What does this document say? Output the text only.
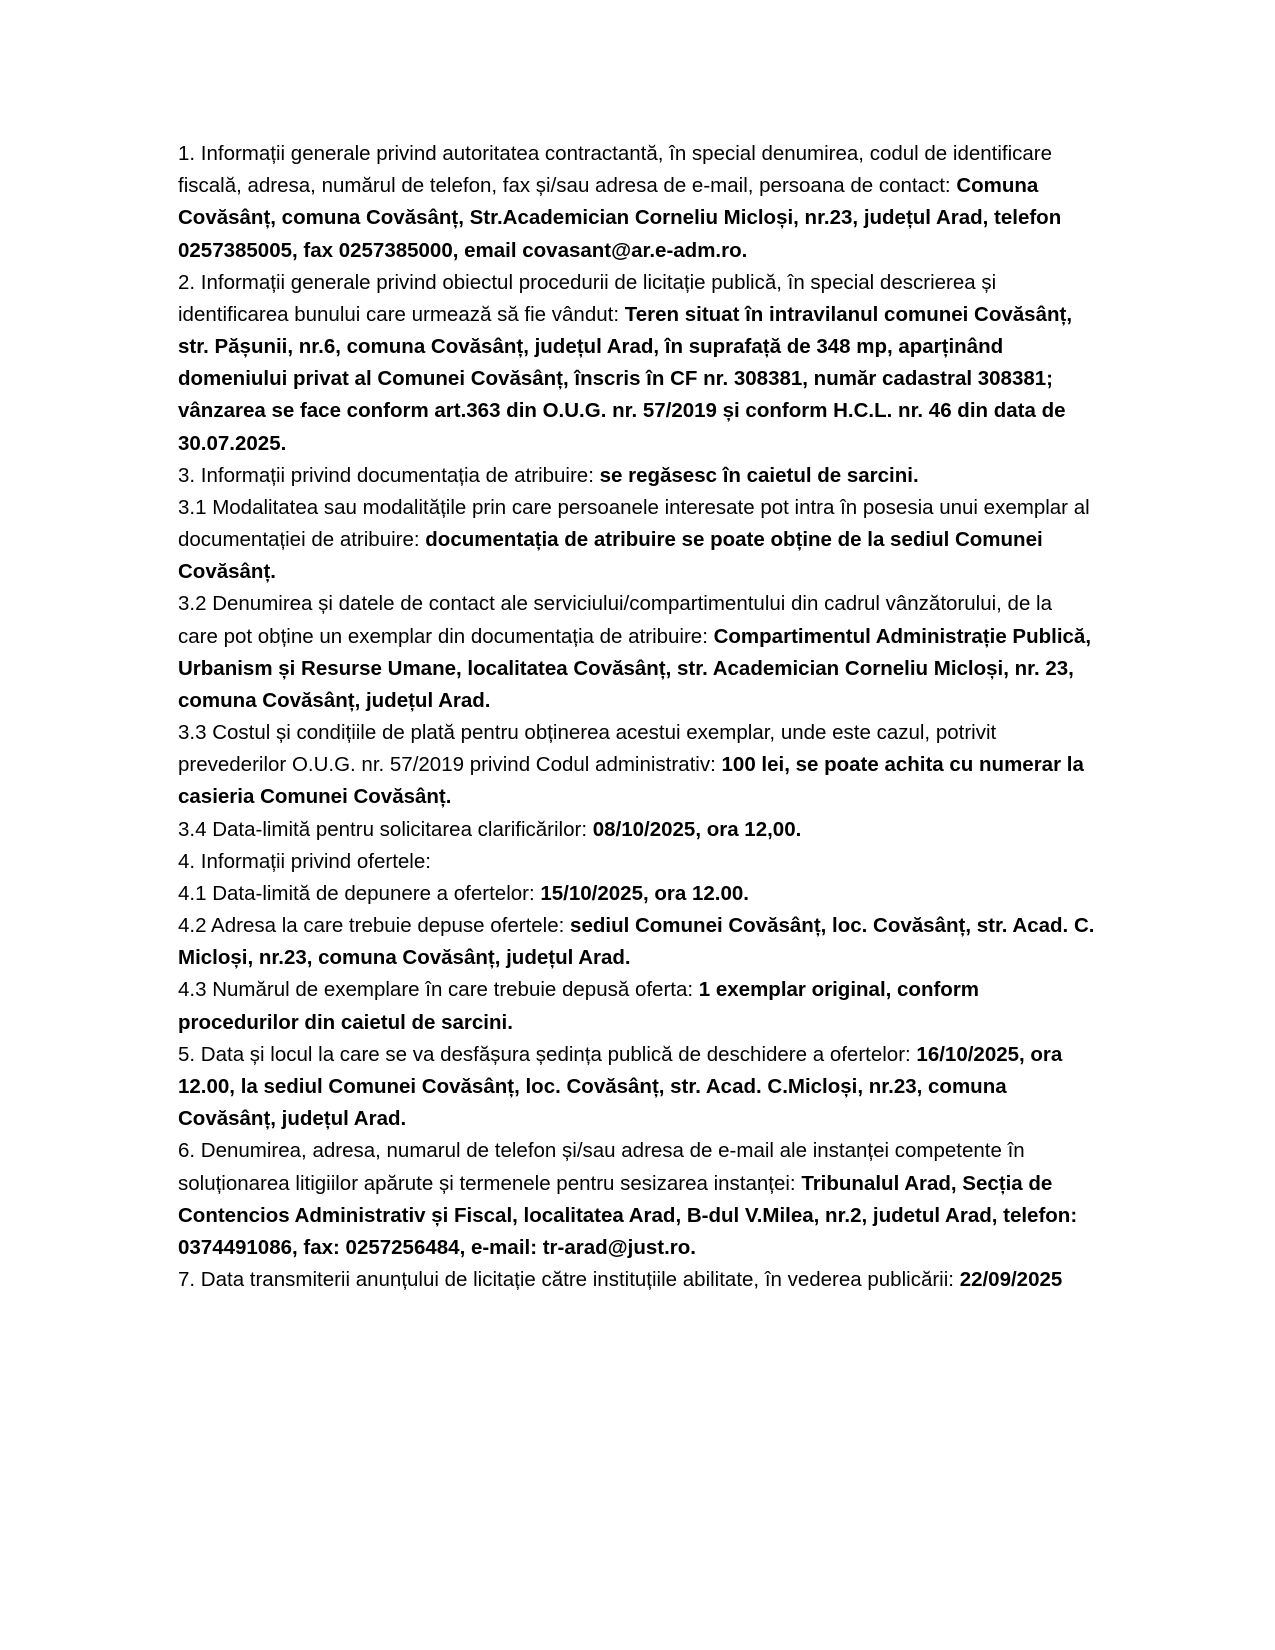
1. Informații generale privind autoritatea contractantă, în special denumirea, codul de identificare fiscală, adresa, numărul de telefon, fax și/sau adresa de e-mail, persoana de contact: Comuna Covăsânț, comuna Covăsânț, Str.Academician Corneliu Micloși, nr.23, județul Arad, telefon 0257385005, fax 0257385000, email covasant@ar.e-adm.ro.

2. Informații generale privind obiectul procedurii de licitație publică, în special descrierea și identificarea bunului care urmează să fie vândut: Teren situat în intravilanul comunei Covăsânț, str. Pășunii, nr.6, comuna Covăsânț, județul Arad, în suprafață de 348 mp, aparținând domeniului privat al Comunei Covăsânț, înscris în CF nr. 308381, număr cadastral 308381; vânzarea se face conform art.363 din O.U.G. nr. 57/2019 și conform H.C.L. nr. 46 din data de 30.07.2025.

3. Informații privind documentația de atribuire: se regăsesc în caietul de sarcini.

3.1 Modalitatea sau modalitățile prin care persoanele interesate pot intra în posesia unui exemplar al documentației de atribuire: documentația de atribuire se poate obține de la sediul Comunei Covăsânț.

3.2 Denumirea și datele de contact ale serviciului/compartimentului din cadrul vânzătorului, de la care pot obține un exemplar din documentația de atribuire: Compartimentul Administrație Publică, Urbanism și Resurse Umane, localitatea Covăsânț, str. Academician Corneliu Micloși, nr. 23, comuna Covăsânț, județul Arad.

3.3 Costul și condițiile de plată pentru obținerea acestui exemplar, unde este cazul, potrivit prevederilor O.U.G. nr. 57/2019 privind Codul administrativ: 100 lei, se poate achita cu numerar la casieria Comunei Covăsânț.

3.4 Data-limită pentru solicitarea clarificărilor: 08/10/2025, ora 12,00.

4. Informații privind ofertele:

4.1 Data-limită de depunere a ofertelor: 15/10/2025, ora 12.00.

4.2 Adresa la care trebuie depuse ofertele: sediul Comunei Covăsânț, loc. Covăsânț, str. Acad. C. Micloși, nr.23, comuna Covăsânț, județul Arad.

4.3 Numărul de exemplare în care trebuie depusă oferta: 1 exemplar original, conform procedurilor din caietul de sarcini.

5. Data și locul la care se va desfășura ședința publică de deschidere a ofertelor: 16/10/2025, ora 12.00, la sediul Comunei Covăsânț, loc. Covăsânț, str. Acad. C.Micloși, nr.23, comuna Covăsânț, județul Arad.

6. Denumirea, adresa, numarul de telefon și/sau adresa de e-mail ale instanței competente în soluționarea litigiilor apărute și termenele pentru sesizarea instanței: Tribunalul Arad, Secția de Contencios Administrativ și Fiscal, localitatea Arad, B-dul V.Milea, nr.2, judetul Arad, telefon: 0374491086, fax: 0257256484, e-mail: tr-arad@just.ro.

7. Data transmiterii anunțului de licitație către instituțiile abilitate, în vederea publicării: 22/09/2025
